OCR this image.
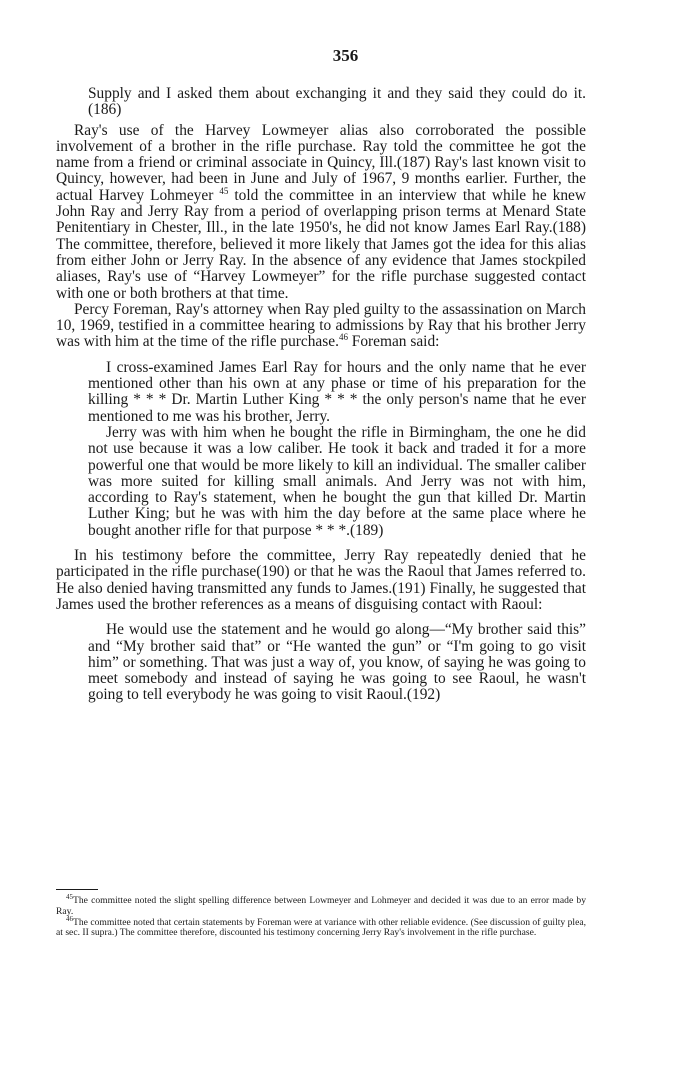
356

Supply and I asked them about exchanging it and they said they could do it.(186)

Ray's use of the Harvey Lowmeyer alias also corroborated the possible involvement of a brother in the rifle purchase. Ray told the committee he got the name from a friend or criminal associate in Quincy, Ill.(187) Ray's last known visit to Quincy, however, had been in June and July of 1967, 9 months earlier. Further, the actual Harvey Lohmeyer $^{45}$ told the committee in an interview that while he knew John Ray and Jerry Ray from a period of overlapping prison terms at Menard State Penitentiary in Chester, Ill., in the late 1950's, he did not know James Earl Ray.(188) The committee, therefore, believed it more likely that James got the idea for this alias from either John or Jerry Ray. In the absence of any evidence that James stockpiled aliases, Ray's use of “Harvey Lowmeyer” for the rifle purchase suggested contact with one or both brothers at that time.

Percy Foreman, Ray's attorney when Ray pled guilty to the assassination on March 10, 1969, testified in a committee hearing to admissions by Ray that his brother Jerry was with him at the time of the rifle purchase.$^{46}$ Foreman said:

I cross-examined James Earl Ray for hours and the only name that he ever mentioned other than his own at any phase or time of his preparation for the killing * * * Dr. Martin Luther King * * * the only person's name that he ever mentioned to me was his brother, Jerry.

Jerry was with him when he bought the rifle in Birmingham, the one he did not use because it was a low caliber. He took it back and traded it for a more powerful one that would be more likely to kill an individual. The smaller caliber was more suited for killing small animals. And Jerry was not with him, according to Ray's statement, when he bought the gun that killed Dr. Martin Luther King; but he was with him the day before at the same place where he bought another rifle for that purpose * * *.(189)

In his testimony before the committee, Jerry Ray repeatedly denied that he participated in the rifle purchase(190) or that he was the Raoul that James referred to. He also denied having transmitted any funds to James.(191) Finally, he suggested that James used the brother references as a means of disguising contact with Raoul:

He would use the statement and he would go along—“My brother said this” and “My brother said that” or “He wanted the gun” or “I'm going to go visit him” or something. That was just a way of, you know, of saying he was going to meet somebody and instead of saying he was going to see Raoul, he wasn't going to tell everybody he was going to visit Raoul.(192)

$^{45}$The committee noted the slight spelling difference between Lowmeyer and Lohmeyer and decided it was due to an error made by Ray.

$^{46}$The committee noted that certain statements by Foreman were at variance with other reliable evidence. (See discussion of guilty plea, at sec. II supra.) The committee therefore, discounted his testimony concerning Jerry Ray's involvement in the rifle purchase.
